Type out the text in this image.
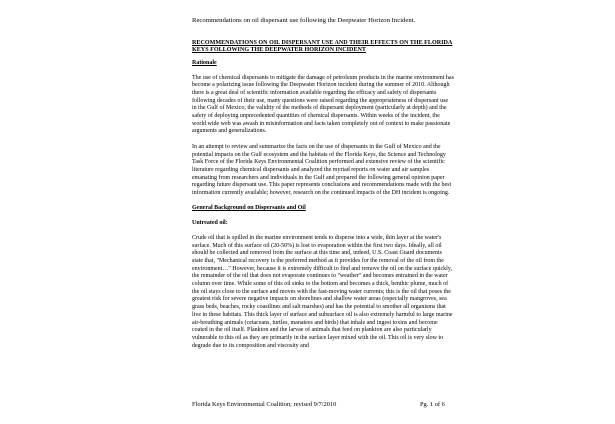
Recommendations on oil dispersant use following the Deepwater Horizon Incident.
RECOMMENDATIONS ON OIL DISPERSANT USE AND THEIR EFFECTS ON THE FLORIDA KEYS FOLLOWING THE DEEPWATER HORIZON INCIDENT
Rationale
The use of chemical dispersants to mitigate the damage of petroleum products in the marine environment has become a polarizing issue following the Deepwater Horizon incident during the summer of 2010. Although there is a great deal of scientific information available regarding the efficacy and safety of dispersants following decades of their use, many questions were raised regarding the appropriateness of dispersant use in the Gulf of Mexico, the validity of the methods of dispersant deployment (particularly at depth) and the safety of deploying unprecedented quantities of chemical dispersants. Within weeks of the incident, the world wide web was awash in misinformation and facts taken completely out of context to make passionate arguments and generalizations.
In an attempt to review and summarize the facts on the use of dispersants in the Gulf of Mexico and the potential impacts on the Gulf ecosystem and the habitats of the Florida Keys, the Science and Technology Task Force of the Florida Keys Environmental Coalition performed and extensive review of the scientific literature regarding chemical dispersants and analyzed the myriad reports on water and air samples emanating from researchers and individuals in the Gulf and prepared the following general opinion paper regarding future dispersant use. This paper represents conclusions and recommendations made with the best information currently available; however, research on the continued impacts of the DH incident is ongoing.
General Background on Dispersants and Oil
Untreated oil:
Crude oil that is spilled in the marine environment tends to disperse into a wide, thin layer at the water's surface. Much of this surface oil (20-50%) is lost to evaporation within the first two days. Ideally, all oil should be collected and removed from the surface at this time and, indeed, U.S. Coast Guard documents state that, "Mechanical recovery is the preferred method as it provides for the removal of the oil from the environment…" However, because it is extremely difficult to find and remove the oil on the surface quickly, the remainder of the oil that does not evaporate continues to "weather" and becomes entrained in the water column over time. While some of this oil sinks to the bottom and becomes a thick, benthic plume, much of the oil stays close to the surface and moves with the fast-moving water currents; this is the oil that poses the greatest risk for severe negative impacts on shorelines and shallow water areas (especially mangroves, sea grass beds, beaches, rocky coastlines and salt marshes) and has the potential to smother all organisms that live in these habitats. This thick layer of surface and subsurface oil is also extremely harmful to large marine air-breathing animals (cetaceans, turtles, manatees and birds) that inhale and ingest toxins and become coated in the oil itself. Plankton and the larvae of animals that feed on plankton are also particularly vulnerable to this oil as they are primarily in the surface layer mixed with the oil. This oil is very slow to degrade due to its composition and viscosity and
Florida Keys Environmental Coalition; revised 9/7/2010	Pg. 1 of 6
